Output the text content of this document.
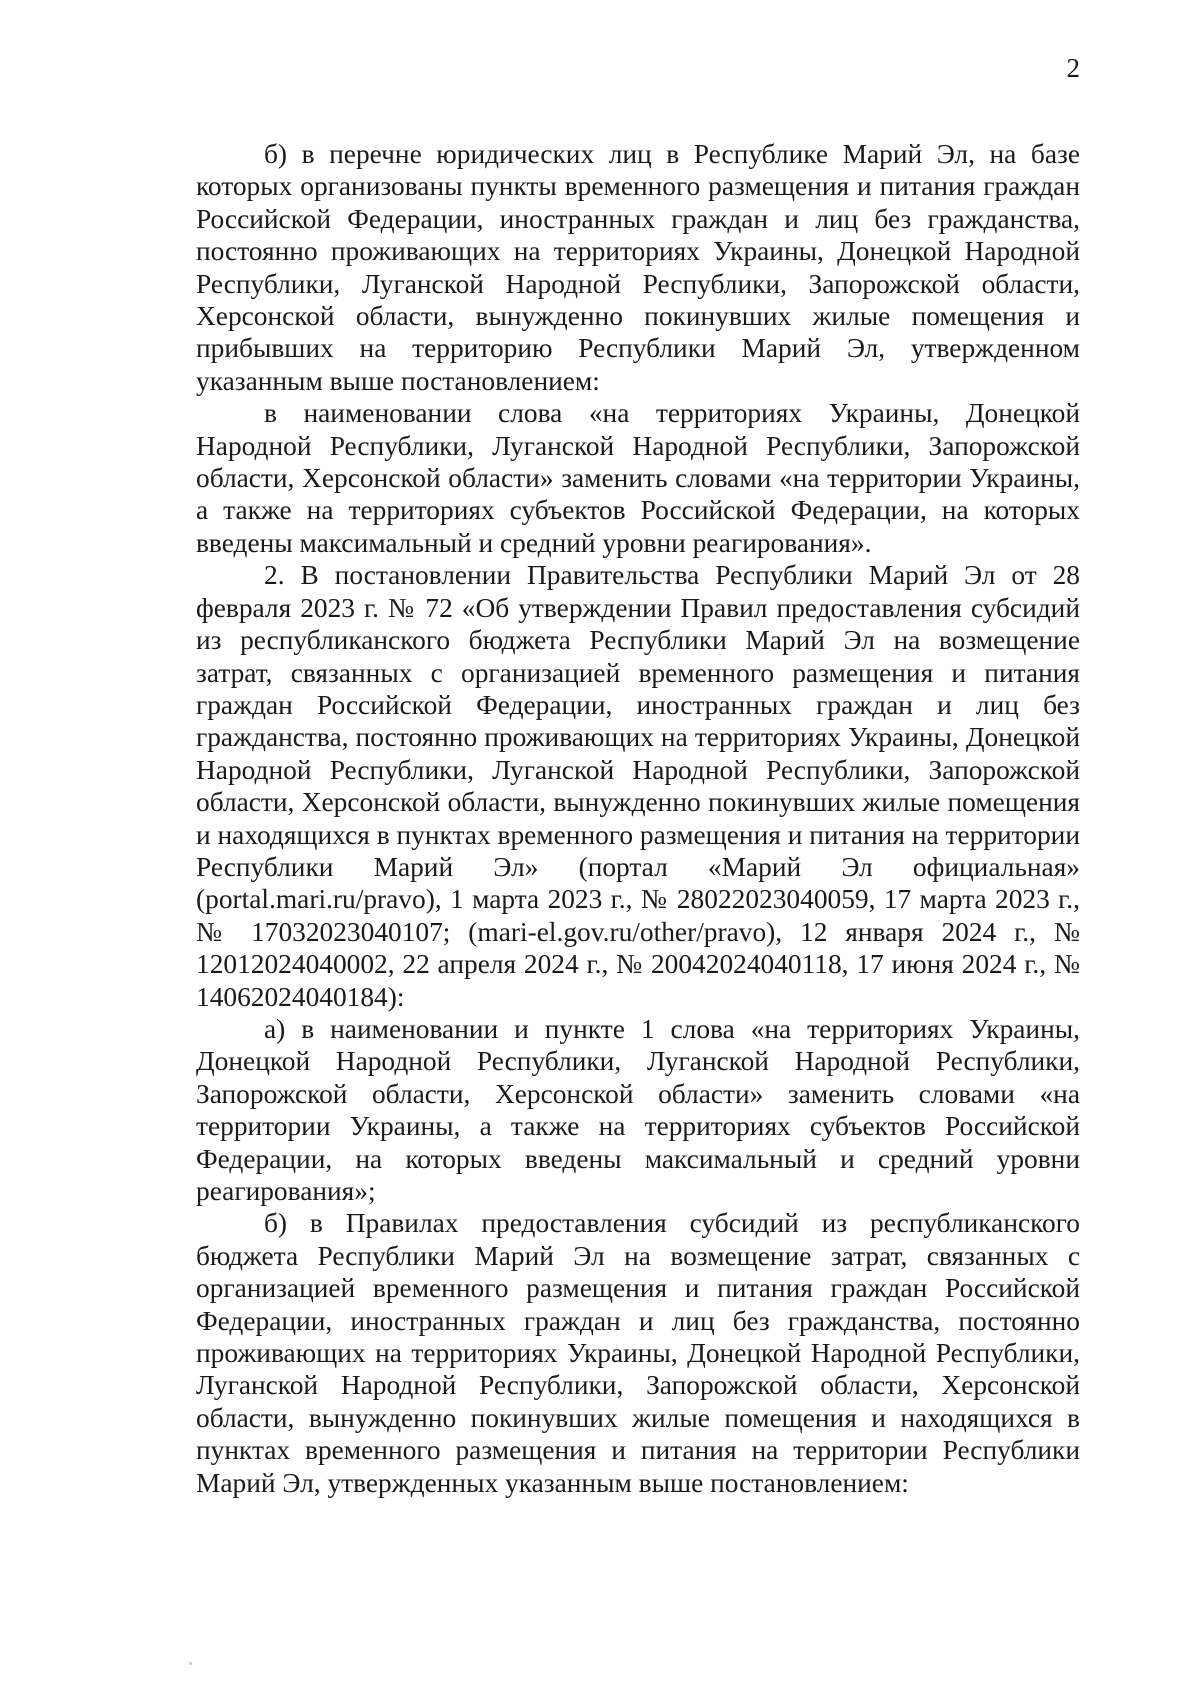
2

б) в перечне юридических лиц в Республике Марий Эл, на базе которых организованы пункты временного размещения и питания граждан Российской Федерации, иностранных граждан и лиц без гражданства, постоянно проживающих на территориях Украины, Донецкой Народной Республики, Луганской Народной Республики, Запорожской области, Херсонской области, вынужденно покинувших жилые помещения и прибывших на территорию Республики Марий Эл, утвержденном указанным выше постановлением:

в наименовании слова «на территориях Украины, Донецкой Народной Республики, Луганской Народной Республики, Запорожской области, Херсонской области» заменить словами «на территории Украины, а также на территориях субъектов Российской Федерации, на которых введены максимальный и средний уровни реагирования».

2. В постановлении Правительства Республики Марий Эл от 28 февраля 2023 г. № 72 «Об утверждении Правил предоставления субсидий из республиканского бюджета Республики Марий Эл на возмещение затрат, связанных с организацией временного размещения и питания граждан Российской Федерации, иностранных граждан и лиц без гражданства, постоянно проживающих на территориях Украины, Донецкой Народной Республики, Луганской Народной Республики, Запорожской области, Херсонской области, вынужденно покинувших жилые помещения и находящихся в пунктах временного размещения и питания на территории Республики Марий Эл» (портал «Марий Эл официальная» (portal.mari.ru/pravo), 1 марта 2023 г., № 28022023040059, 17 марта 2023 г., № 17032023040107; (mari-el.gov.ru/other/pravo), 12 января 2024 г., № 12012024040002, 22 апреля 2024 г., № 20042024040118, 17 июня 2024 г., № 14062024040184):

а) в наименовании и пункте 1 слова «на территориях Украины, Донецкой Народной Республики, Луганской Народной Республики, Запорожской области, Херсонской области» заменить словами «на территории Украины, а также на территориях субъектов Российской Федерации, на которых введены максимальный и средний уровни реагирования»;

б) в Правилах предоставления субсидий из республиканского бюджета Республики Марий Эл на возмещение затрат, связанных с организацией временного размещения и питания граждан Российской Федерации, иностранных граждан и лиц без гражданства, постоянно проживающих на территориях Украины, Донецкой Народной Республики, Луганской Народной Республики, Запорожской области, Херсонской области, вынужденно покинувших жилые помещения и находящихся в пунктах временного размещения и питания на территории Республики Марий Эл, утвержденных указанным выше постановлением:
